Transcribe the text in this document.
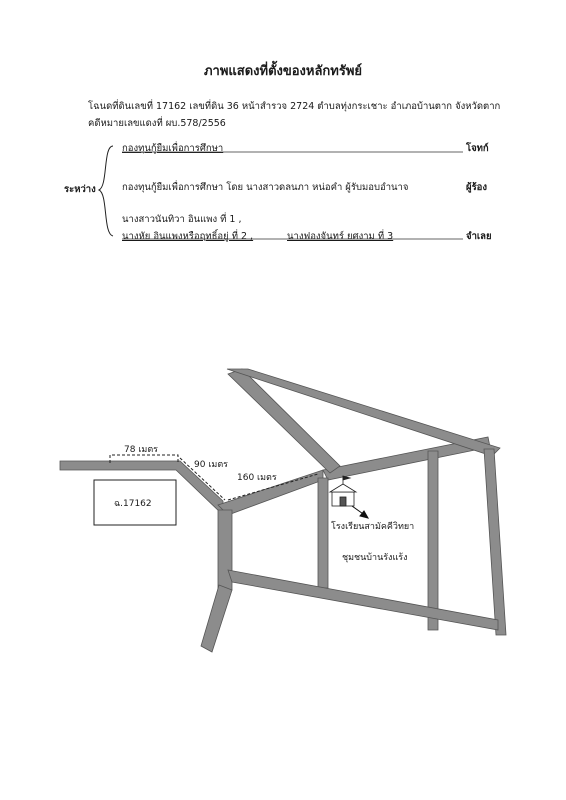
ภาพแสดงที่ตั้งของหลักทรัพย์
โฉนดที่ดินเลขที่ 17162 เลขที่ดิน 36 หน้าสำรวจ 2724 ตำบลทุ่งกระเชาะ อำเภอบ้านตาก จังหวัดตาก
คดีหมายเลขแดงที่ ผบ.578/2556
กองทุนกู้ยืมเพื่อการศึกษา	โจทก์
ระหว่าง	กองทุนกู้ยืมเพื่อการศึกษา โดย นางสาวดลนภา หน่อคำ ผู้รับมอบอำนาจ	ผู้ร้อง
นางสาวนันทิวา อินแพง ที่ 1 ,
นางหัย อินแพงหรือฤทธิ์อยู่ ที่ 2 ,	นางฟองจันทร์ ยศงาม ที่ 3	จำเลย
78 เมตร
90 เมตร
160 เมตร
ฉ.17162
โรงเรียนสามัคคีวิทยา
ชุมชนบ้านรังแร้ง
